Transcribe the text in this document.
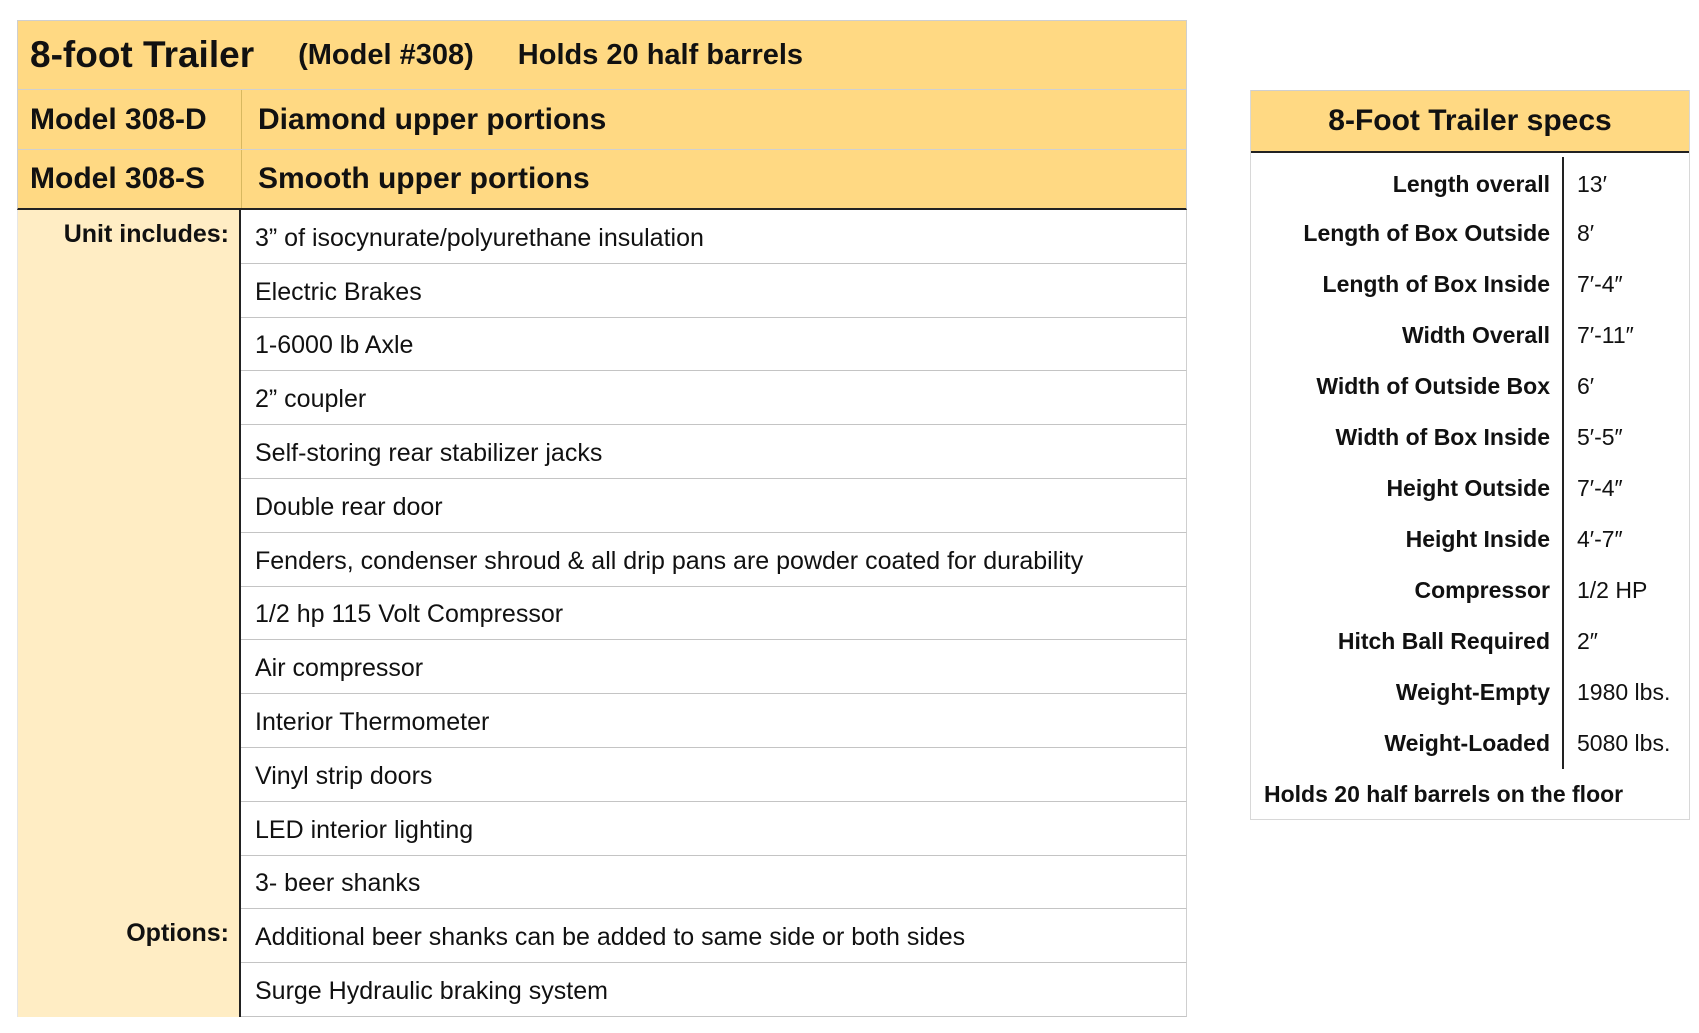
8-foot Trailer (Model #308) Holds 20 half barrels
Model 308-D	Diamond upper portions
Model 308-S	Smooth upper portions
Unit includes:	3” of isocynurate/polyurethane insulation
Electric Brakes
1-6000 lb Axle
2” coupler
Self-storing rear stabilizer jacks
Double rear door
Fenders, condenser shroud & all drip pans are powder coated for durability
1/2 hp 115 Volt Compressor
Air compressor
Interior Thermometer
Vinyl strip doors
LED interior lighting
3- beer shanks
Options:	Additional beer shanks can be added to same side or both sides
Surge Hydraulic braking system
8-Foot Trailer specs
Length overall	13′
Length of Box Outside	8′
Length of Box Inside	7′-4″
Width Overall	7′-11″
Width of Outside Box	6′
Width of Box Inside	5′-5″
Height Outside	7′-4″
Height Inside	4′-7″
Compressor	1/2 HP
Hitch Ball Required	2″
Weight-Empty	1980 lbs.
Weight-Loaded	5080 lbs.
Holds 20 half barrels on the floor
